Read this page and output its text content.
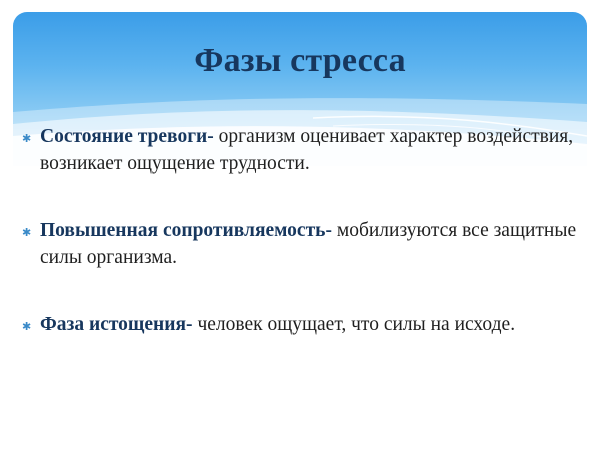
Фазы стресса
✱ Состояние тревоги- организм оценивает характер воздействия, возникает ощущение трудности.
✱ Повышенная сопротивляемость- мобилизуются все защитные силы организма.
✱ Фаза истощения- человек ощущает, что силы на исходе.
